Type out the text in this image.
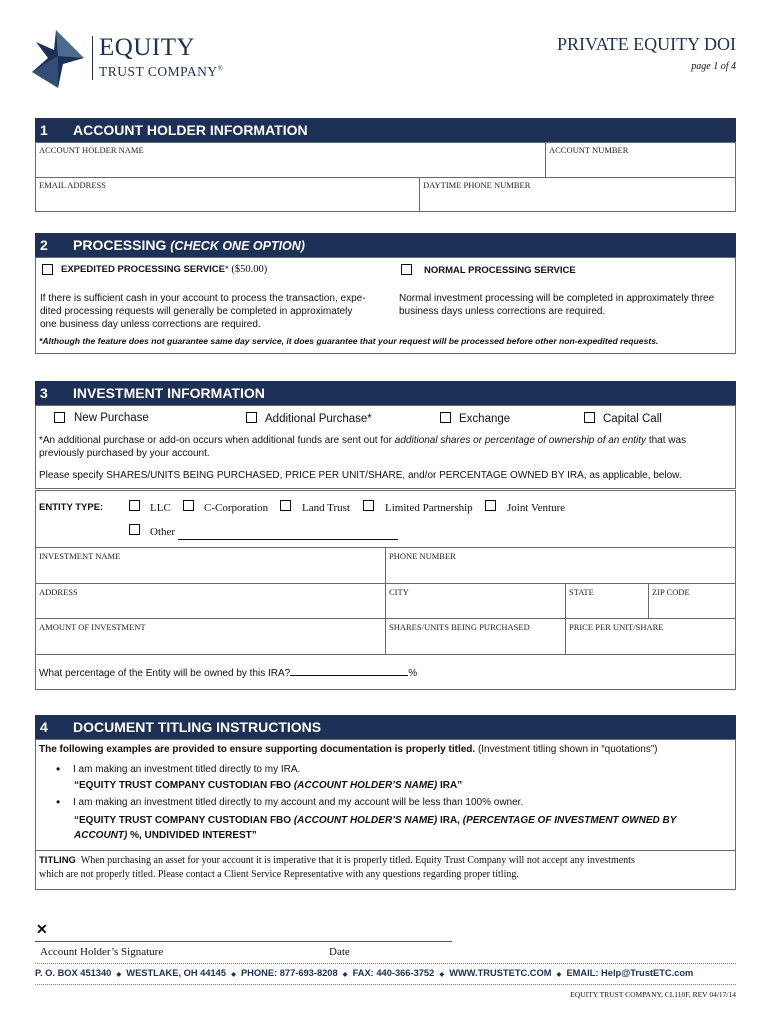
EQUITY
TRUST COMPANY®
PRIVATE EQUITY DOI
page 1 of 4
1 ACCOUNT HOLDER INFORMATION
ACCOUNT HOLDER NAME	ACCOUNT NUMBER
EMAIL ADDRESS	DAYTIME PHONE NUMBER
2 PROCESSING (CHECK ONE OPTION)
EXPEDITED PROCESSING SERVICE* ($50.00)	NORMAL PROCESSING SERVICE
If there is sufficient cash in your account to process the transaction, expe-
dited processing requests will generally be completed in approximately
one business day unless corrections are required.
Normal investment processing will be completed in approximately three
business days unless corrections are required.
*Although the feature does not guarantee same day service, it does guarantee that your request will be processed before other non-expedited requests.
3 INVESTMENT INFORMATION
New Purchase	Additional Purchase*	Exchange	Capital Call
*An additional purchase or add-on occurs when additional funds are sent out for additional shares or percentage of ownership of an entity that was
previously purchased by your account.
Please specify SHARES/UNITS BEING PURCHASED, PRICE PER UNIT/SHARE, and/or PERCENTAGE OWNED BY IRA, as applicable, below.
ENTITY TYPE:	LLC	C-Corporation	Land Trust	Limited Partnership	Joint Venture
Other
INVESTMENT NAME	PHONE NUMBER
ADDRESS	CITY	STATE	ZIP CODE
AMOUNT OF INVESTMENT	SHARES/UNITS BEING PURCHASED	PRICE PER UNIT/SHARE
What percentage of the Entity will be owned by this IRA?	%
4 DOCUMENT TITLING INSTRUCTIONS
The following examples are provided to ensure supporting documentation is properly titled. (Investment titling shown in “quotations”)
• I am making an investment titled directly to my IRA.
“EQUITY TRUST COMPANY CUSTODIAN FBO (ACCOUNT HOLDER’S NAME) IRA”
• I am making an investment titled directly to my account and my account will be less than 100% owner.
“EQUITY TRUST COMPANY CUSTODIAN FBO (ACCOUNT HOLDER’S NAME) IRA, (PERCENTAGE OF INVESTMENT OWNED BY
ACCOUNT) %, UNDIVIDED INTEREST”
TITLING When purchasing an asset for your account it is imperative that it is properly titled. Equity Trust Company will not accept any investments
which are not properly titled. Please contact a Client Service Representative with any questions regarding proper titling.
✕
Account Holder’s Signature	Date
P. O. BOX 451340 ◆ WESTLAKE, OH 44145 ◆ PHONE: 877-693-8208 ◆ FAX: 440-366-3752 ◆ WWW.TRUSTETC.COM ◆ EMAIL: Help@TrustETC.com
EQUITY TRUST COMPANY, CL110F, REV 04/17/14
